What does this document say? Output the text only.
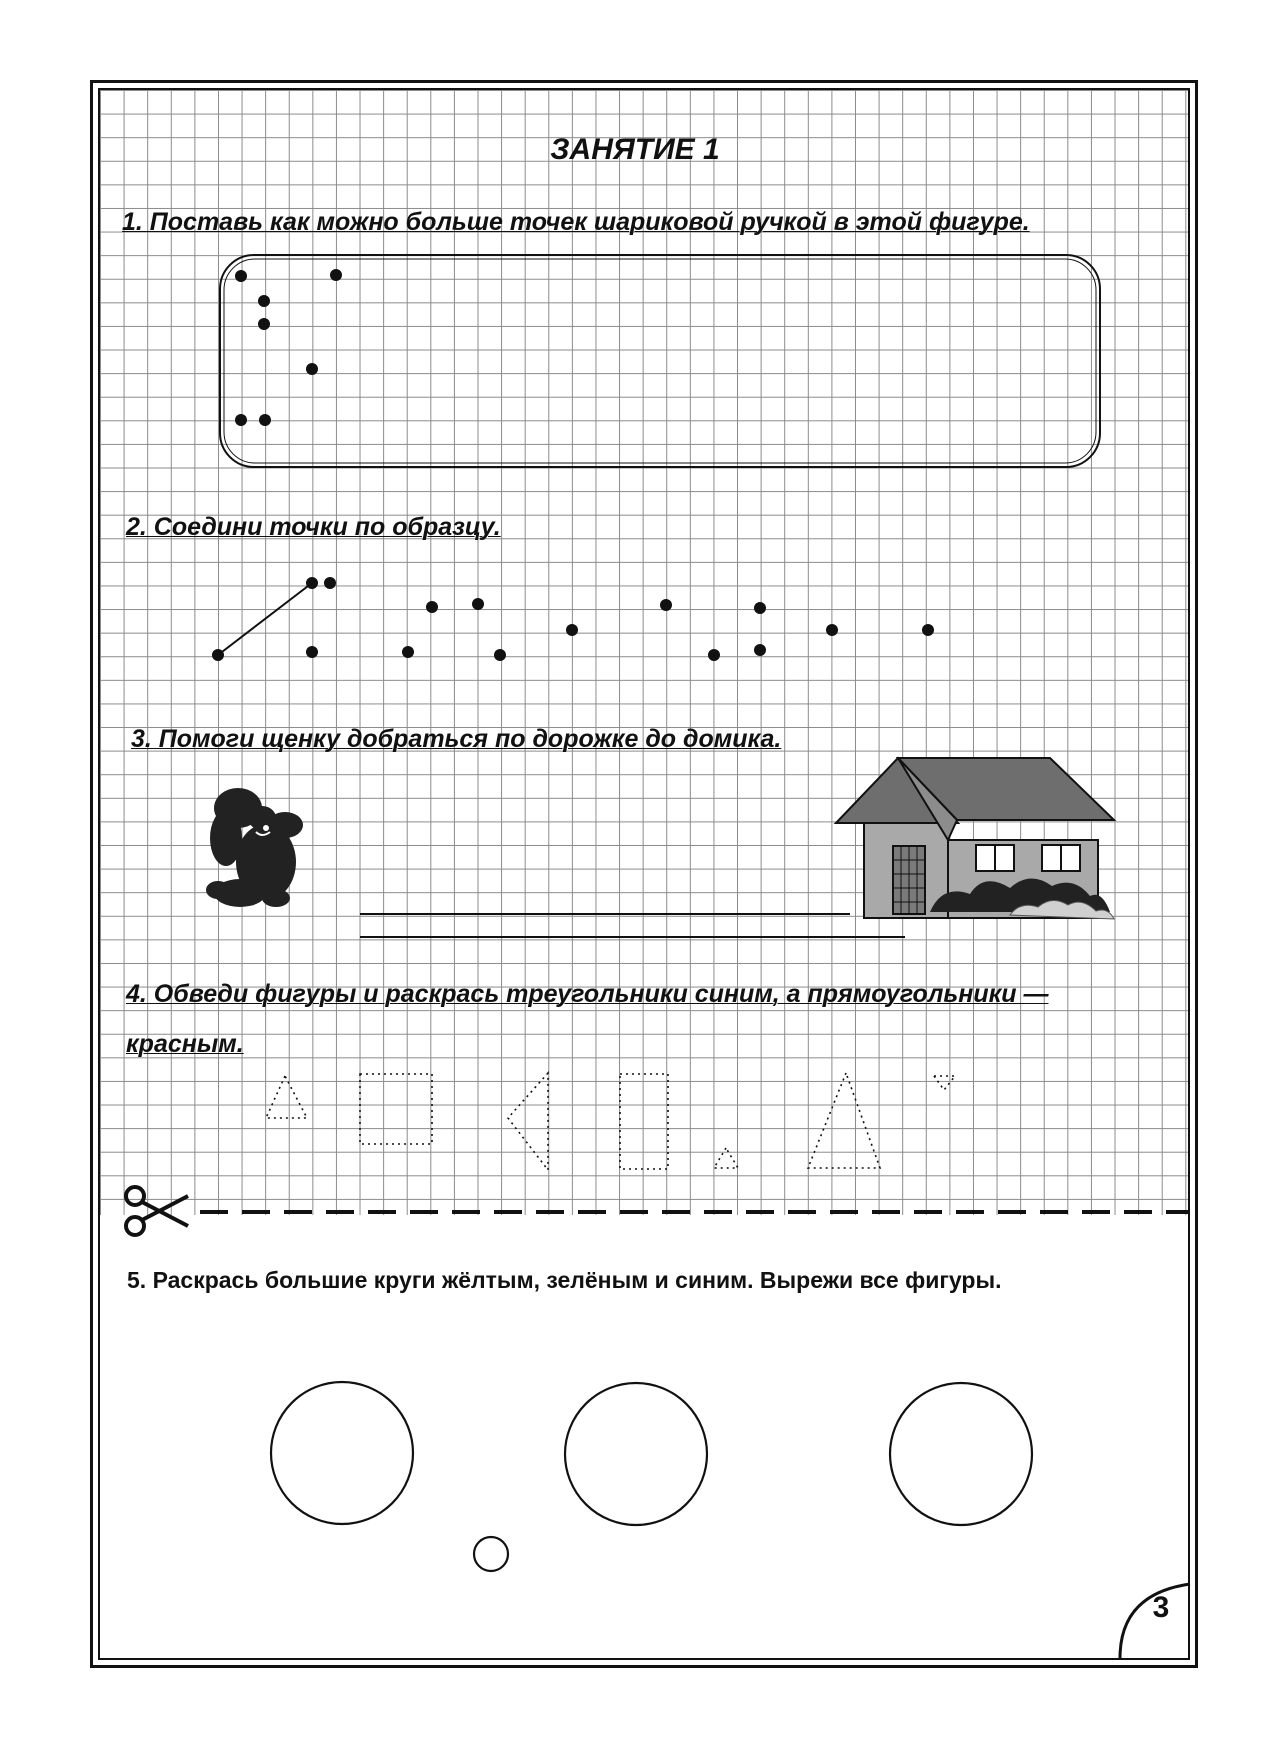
ЗАНЯТИЕ 1
1. Поставь как можно больше точек шариковой ручкой в этой фигуре.
2. Соедини точки по образцу.
3. Помоги щенку добраться по дорожке до домика.
4. Обведи фигуры и раскрась треугольники синим, а прямоугольники —
красным.
5. Раскрась большие круги жёлтым, зелёным и синим. Вырежи все фигуры.
3
